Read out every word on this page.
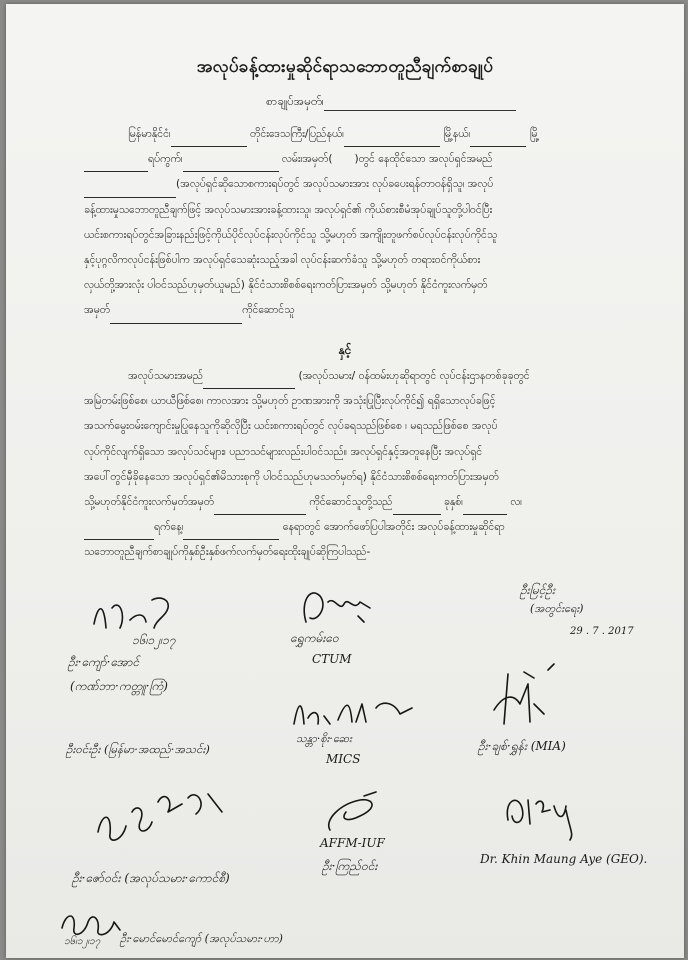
အလုပ်ခန့်ထားမှုဆိုင်ရာသဘောတူညီချက်စာချုပ်
စာချုပ်အမှတ်၊
မြန်မာနိုင်ငံ၊	တိုင်းဒေသကြီး/ပြည်နယ်၊	မြို့နယ်၊	မြို့
ရပ်ကွက်၊	လမ်း၊အမှတ်( )တွင် နေထိုင်သော အလုပ်ရှင်အမည်
(အလုပ်ရှင်ဆိုသောစကားရပ်တွင် အလုပ်သမားအား လုပ်ခပေးရန်တာဝန်ရှိသူ၊ အလုပ်
ခန့်ထားမှုသဘောတူညီချက်ဖြင့် အလုပ်သမားအားခန့်ထားသူ၊ အလုပ်ရှင်၏ ကိုယ်စားစီမံအုပ်ချုပ်သူတို့ပါဝင်ပြီး
ယင်းစကားရပ်တွင်အခြားနည်းဖြင့်ကိုယ်ပိုင်လုပ်ငန်းလုပ်ကိုင်သူ သို့မဟုတ် အကျိုးတူဖက်စပ်လုပ်ငန်းလုပ်ကိုင်သူ
နှင့်ပုဂ္ဂလိကလုပ်ငန်းဖြစ်ပါက အလုပ်ရှင်သေဆုံးသည့်အခါ လုပ်ငန်းဆက်ခံသူ သို့မဟုတ် တရားဝင်ကိုယ်စား
လှယ်တို့အားလုံး ပါဝင်သည်ဟုမှတ်ယူမည်) နိုင်ငံသားစိစစ်ရေးကတ်ပြားအမှတ် သို့မဟုတ် နိုင်ငံကူးလက်မှတ်
အမှတ်	ကိုင်ဆောင်သူ
နှင့်
အလုပ်သမားအမည်	(အလုပ်သမား/ ဝန်ထမ်းဟုဆိုရာတွင် လုပ်ငန်းဌာနတစ်ခုခုတွင်
အမြဲတမ်းဖြစ်စေ၊ ယာယီဖြစ်စေ၊ ကာလအား သို့မဟုတ် ဥာဏအားကို အသုံးပြုပြီးလုပ်ကိုင်၍ ရရှိသောလုပ်ခဖြင့်
အသက်မွေးဝမ်းကျောင်းမှုပြုနေသူကိုဆိုလိုပြီး ယင်းစကားရပ်တွင် လုပ်ခရသည်ဖြစ်စေ ၊ မရသည်ဖြစ်စေ အလုပ်
လုပ်ကိုင်လျက်ရှိသော အလုပ်သင်များ၊ ပညာသင်များလည်းပါဝင်သည်။ အလုပ်ရှင်နှင့်အတူနေပြီး အလုပ်ရှင်
အပေါ်တွင်မှီခိုနေသော အလုပ်ရှင်၏မိသားစုကို ပါဝင်သည်ဟုမသတ်မှတ်ရ) နိုင်ငံသားစိစစ်ရေးကတ်ပြားအမှတ်
သို့မဟုတ်နိုင်ငံကူးလက်မှတ်အမှတ်	ကိုင်ဆောင်သူတို့သည်	ခုနှစ်၊	လ၊
ရက်နေ့၊	နေရာတွင် အောက်ဖော်ပြပါအတိုင်း အလုပ်ခန့်ထားမှုဆိုင်ရာ
သဘောတူညီချက်စာချုပ်ကိုနှစ်ဦးနှစ်ဖက်လက်မှတ်ရေးထိုးချုပ်ဆိုကြပါသည်-
၁၆၊၁၂၊၁၇
ဦး·ကျော်·အောင်
(ကဏ်ဘာ·ကတ္တူ·ကြံ)
ဦးဝင်းဦး (မြန်မာ·အထည်·အသင်း)
ဦး·ဇော်ဝင်း (အလုပ်သမား·ကောင်စီ)
၁၆၊၁၂၊၁၇ ဦး·မောင်မောင်ကျော် (အလုပ်သမား·ဟာ)
ရွှေကမ်းဝေ
CTUM
သန္တာ·စိုး·ဆေး
MICS
AFFM-IUF
ဦး·ကြည်ဝင်း
ဦးမြင့်ဦး
(အတွင်းရေး)
29 . 7 . 2017
ဦး·ချစ်·ရွှန်း (MIA)
Dr. Khin Maung Aye (GEO).
